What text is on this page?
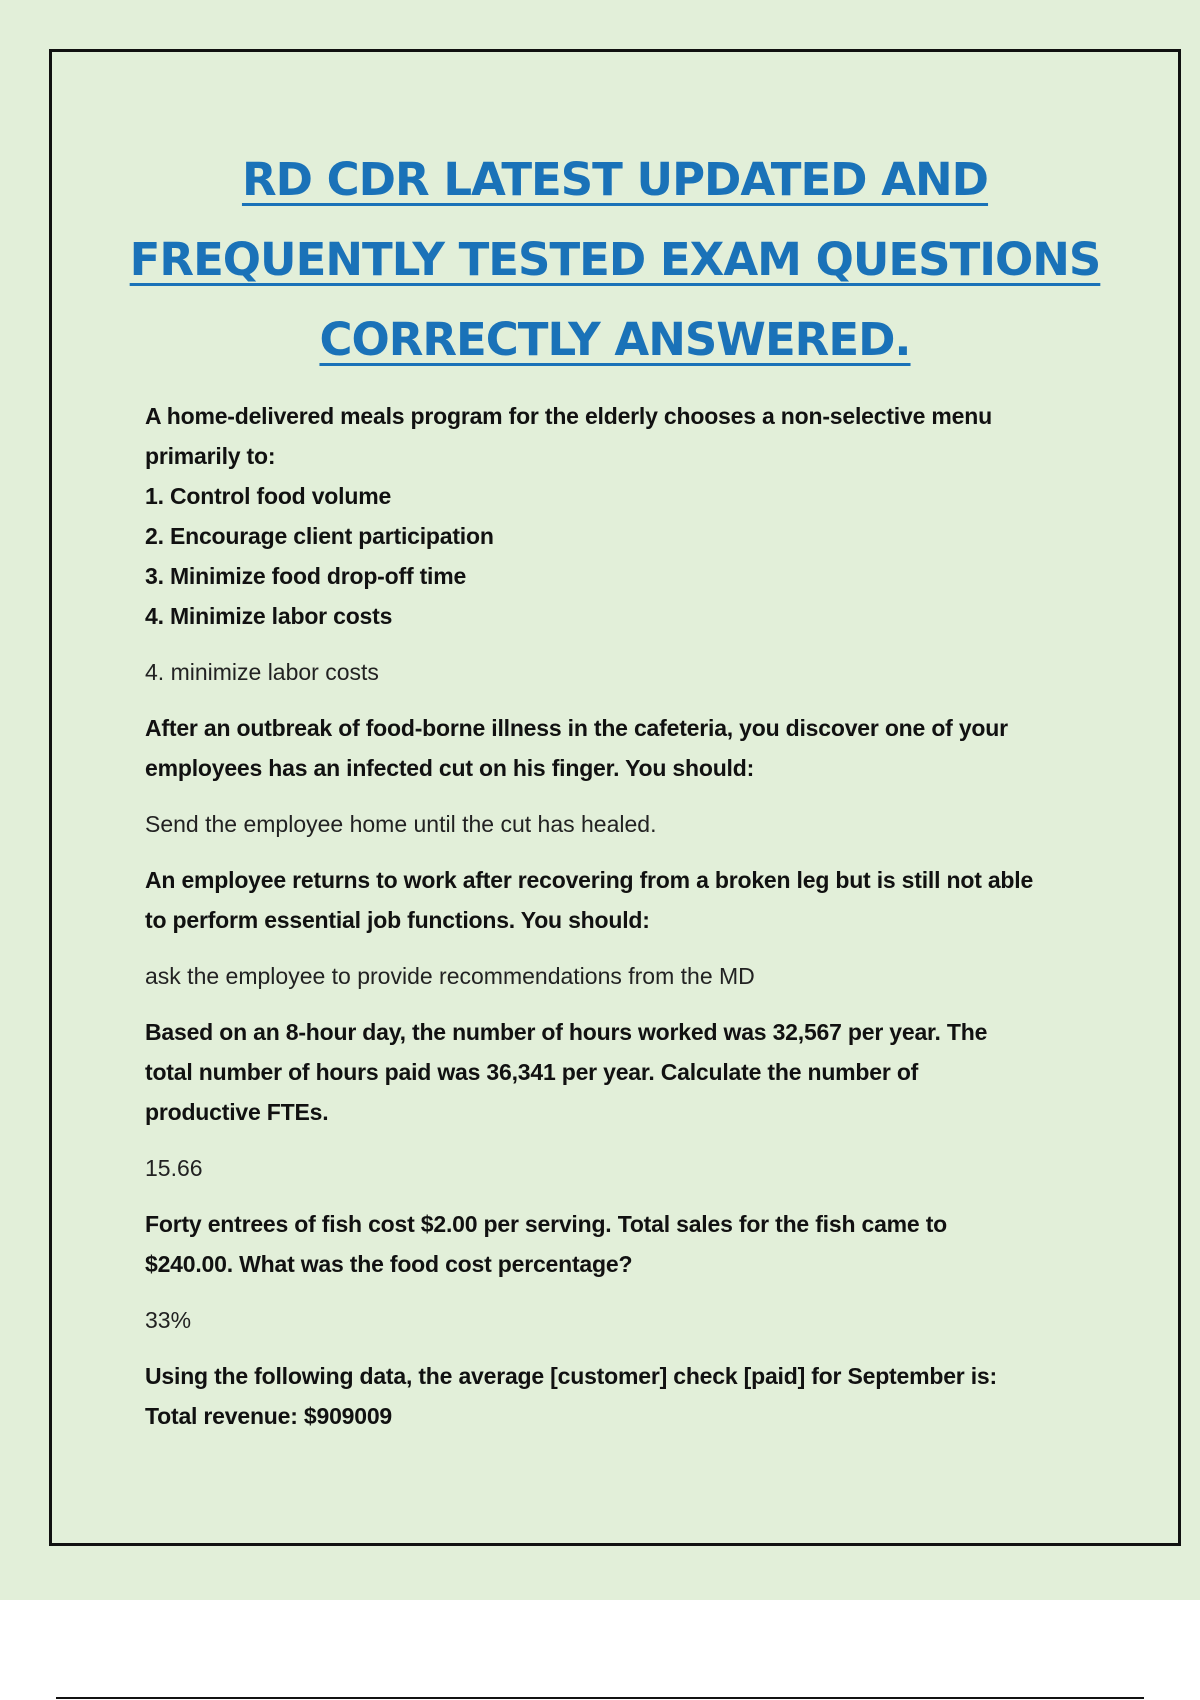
RD CDR LATEST UPDATED AND
FREQUENTLY TESTED EXAM QUESTIONS
CORRECTLY ANSWERED.

A home-delivered meals program for the elderly chooses a non-selective menu

primarily to:

1. Control food volume

2. Encourage client participation

3. Minimize food drop-off time

4. Minimize labor costs

4. minimize labor costs

After an outbreak of food-borne illness in the cafeteria, you discover one of your

employees has an infected cut on his finger. You should:

Send the employee home until the cut has healed.

An employee returns to work after recovering from a broken leg but is still not able

to perform essential job functions. You should:

ask the employee to provide recommendations from the MD

Based on an 8-hour day, the number of hours worked was 32,567 per year. The

total number of hours paid was 36,341 per year. Calculate the number of

productive FTEs.

15.66

Forty entrees of fish cost $2.00 per serving. Total sales for the fish came to

$240.00. What was the food cost percentage?

33%

Using the following data, the average [customer] check [paid] for September is:

Total revenue: $909009
